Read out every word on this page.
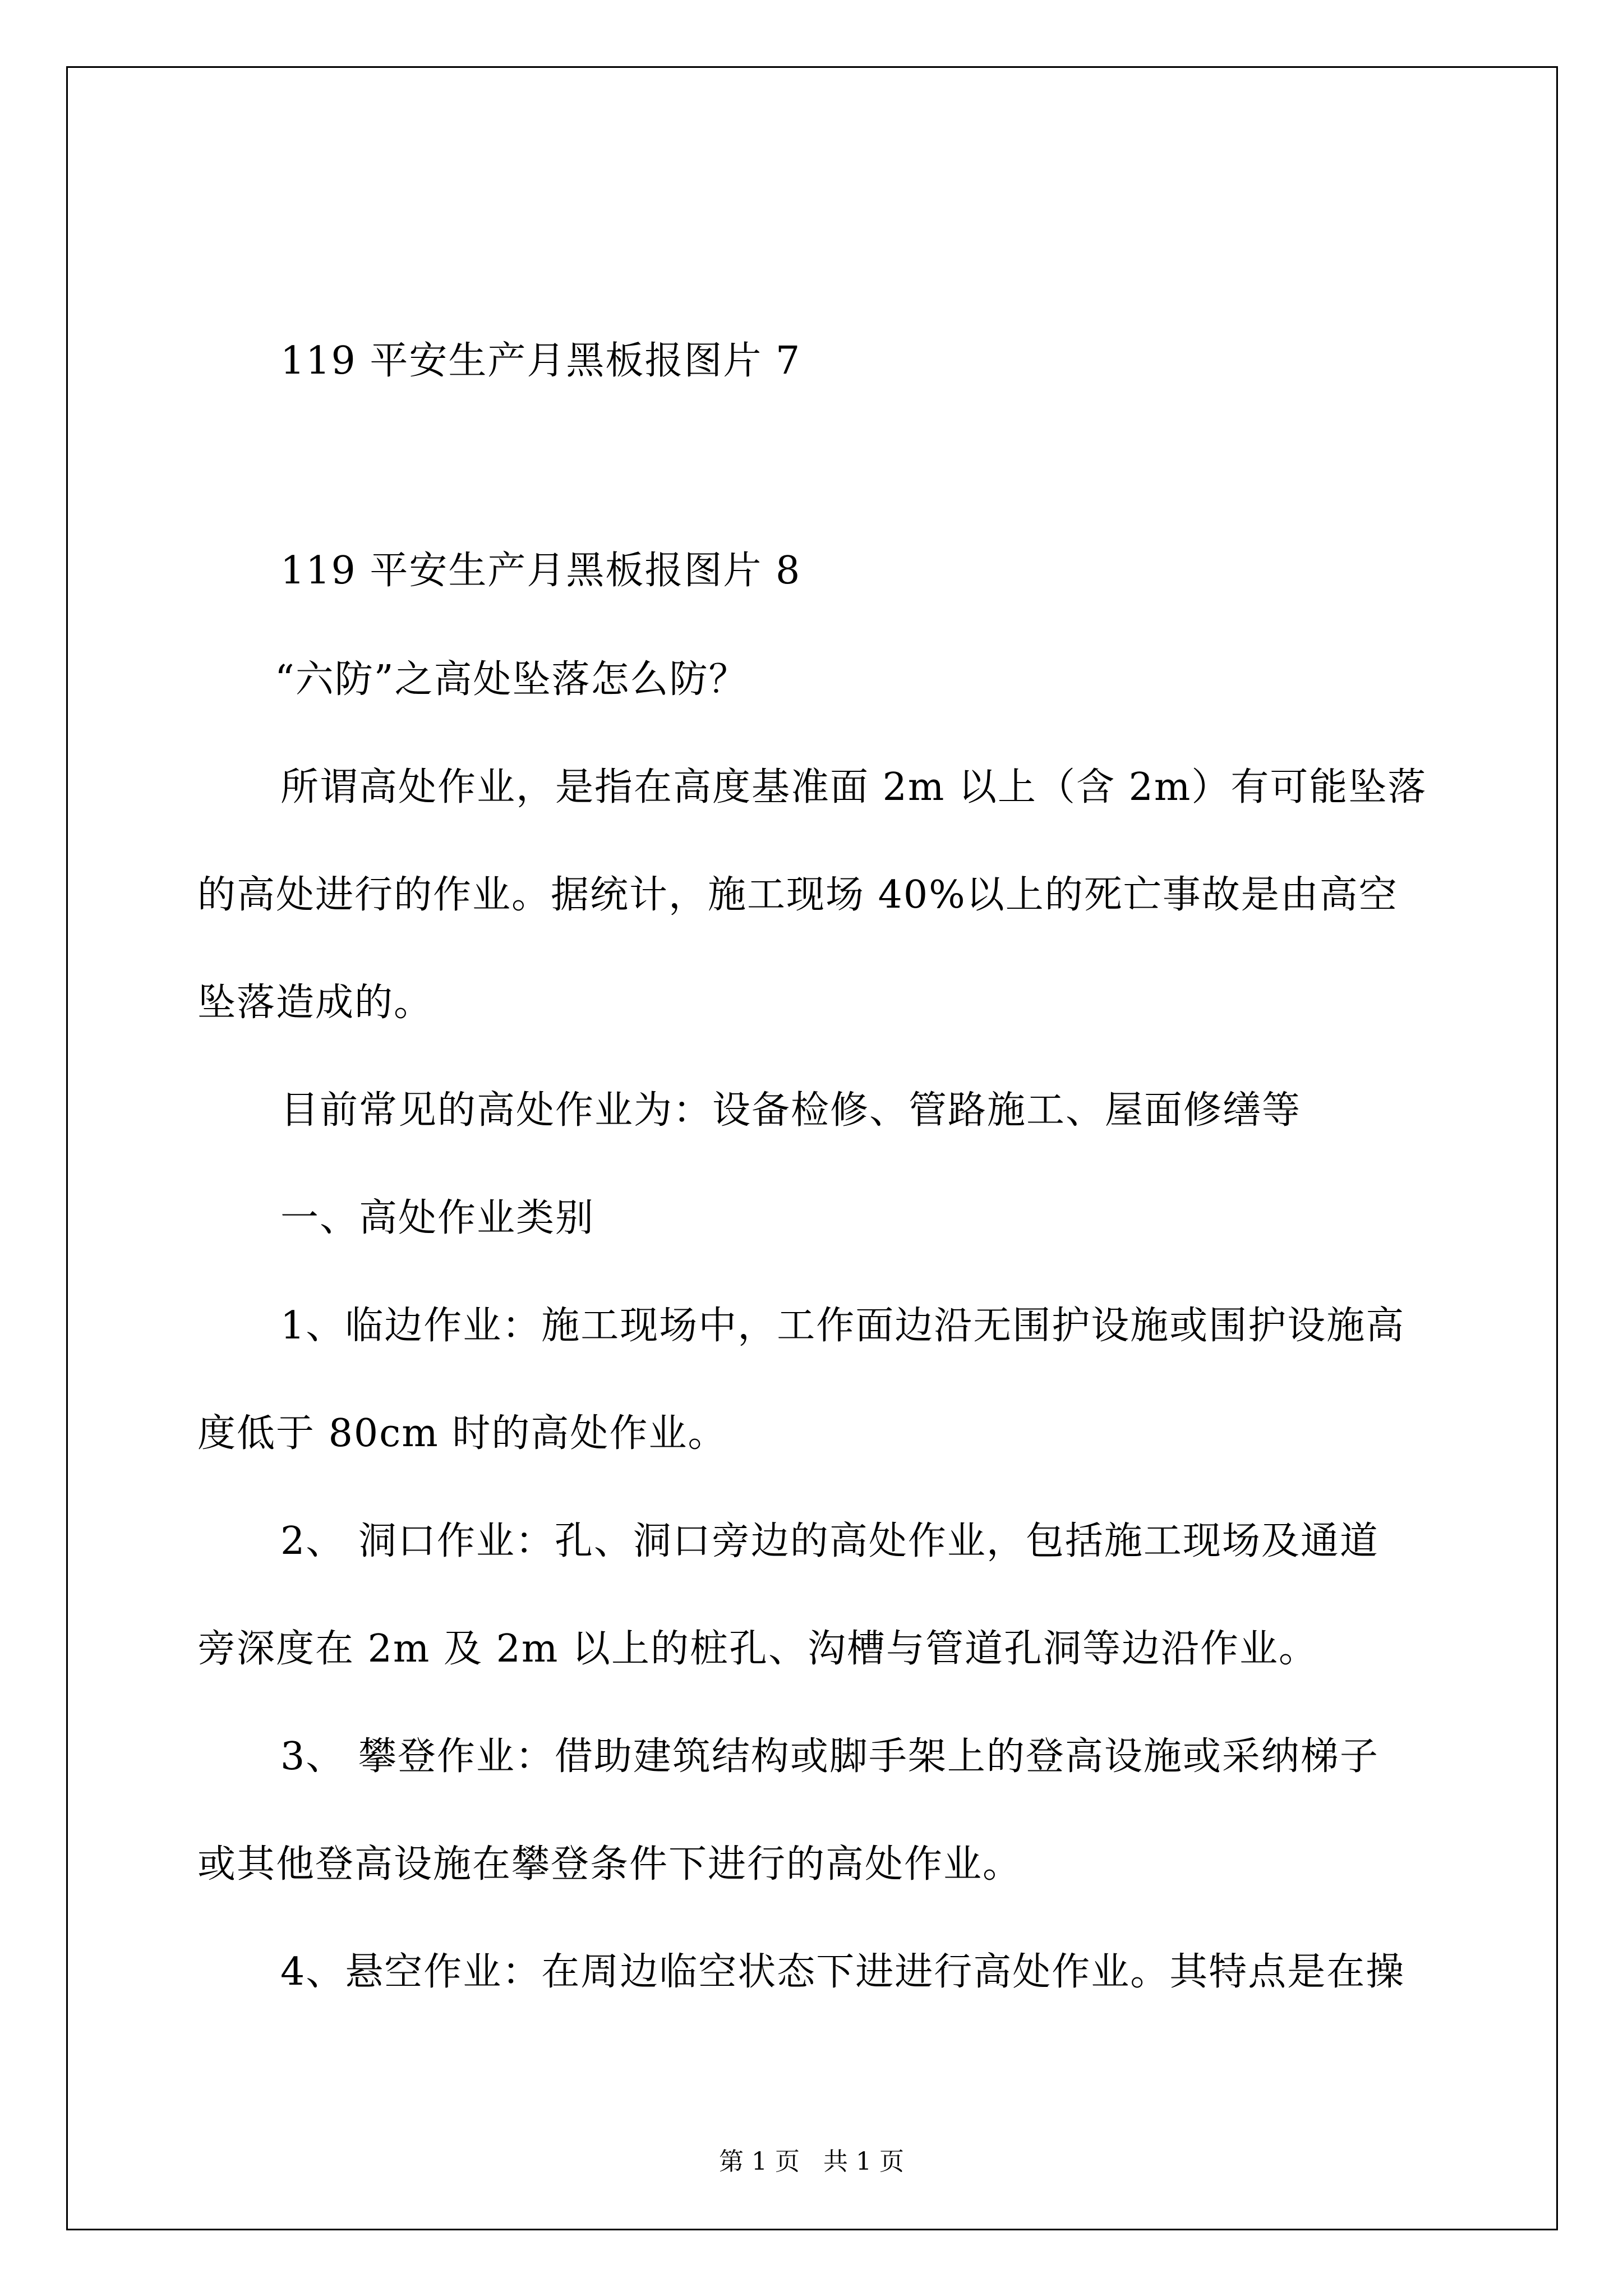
119 平安生产月黑板报图片 7
119 平安生产月黑板报图片 8
“六防”之高处坠落怎么防？
所谓高处作业，是指在高度基准面 2m 以上（含 2m）有可能坠落
的高处进行的作业。据统计，施工现场 40%以上的死亡事故是由高空
坠落造成的。
目前常见的高处作业为：设备检修、管路施工、屋面修缮等
一、高处作业类别
1、临边作业：施工现场中，工作面边沿无围护设施或围护设施高
度低于 80cm 时的高处作业。
2、 洞口作业：孔、洞口旁边的高处作业，包括施工现场及通道
旁深度在 2m 及 2m 以上的桩孔、沟槽与管道孔洞等边沿作业。
3、 攀登作业：借助建筑结构或脚手架上的登高设施或采纳梯子
或其他登高设施在攀登条件下进行的高处作业。
4、悬空作业：在周边临空状态下进进行高处作业。其特点是在操
第 1 页   共 1 页
